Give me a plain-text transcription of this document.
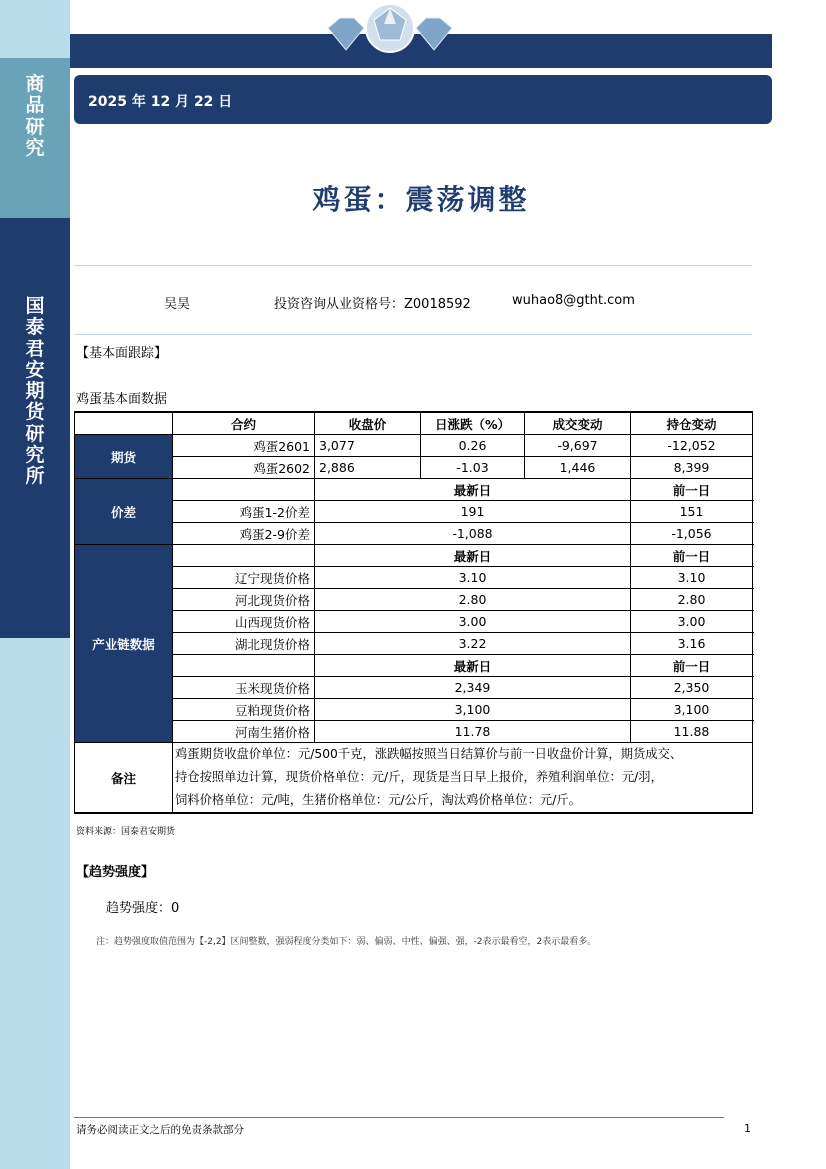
商
品
研
究
国
泰
君
安
期
货
研
究
所
2025 年 12 月 22 日
鸡蛋：震荡调整
吴昊	投资咨询从业资格号：Z0018592	wuhao8@gtht.com
【基本面跟踪】
鸡蛋基本面数据
	合约	收盘价	日涨跌（%）	成交变动	持仓变动
期货	鸡蛋2601	3,077	0.26	-9,697	-12,052
	鸡蛋2602	2,886	-1.03	1,446	8,399
价差		最新日			前一日
	鸡蛋1-2价差	191			151
	鸡蛋2-9价差	-1,088			-1,056
产业链数据		最新日			前一日
	辽宁现货价格	3.10			3.10
	河北现货价格	2.80			2.80
	山西现货价格	3.00			3.00
	湖北现货价格	3.22			3.16
		最新日			前一日
	玉米现货价格	2,349			2,350
	豆粕现货价格	3,100			3,100
	河南生猪价格	11.78			11.88
备注	鸡蛋期货收盘价单位：元/500千克，涨跌幅按照当日结算价与前一日收盘价计算，期货成交、
持仓按照单边计算，现货价格单位：元/斤，现货是当日早上报价，养殖利润单位：元/羽，
饲料价格单位：元/吨，生猪价格单位：元/公斤，淘汰鸡价格单位：元/斤。				
资料来源：国泰君安期货
【趋势强度】
趋势强度：0
注：趋势强度取值范围为【-2,2】区间整数，强弱程度分类如下：弱、偏弱、中性、偏强、强，-2表示最看空，2表示最看多。
请务必阅读正文之后的免责条款部分	1
